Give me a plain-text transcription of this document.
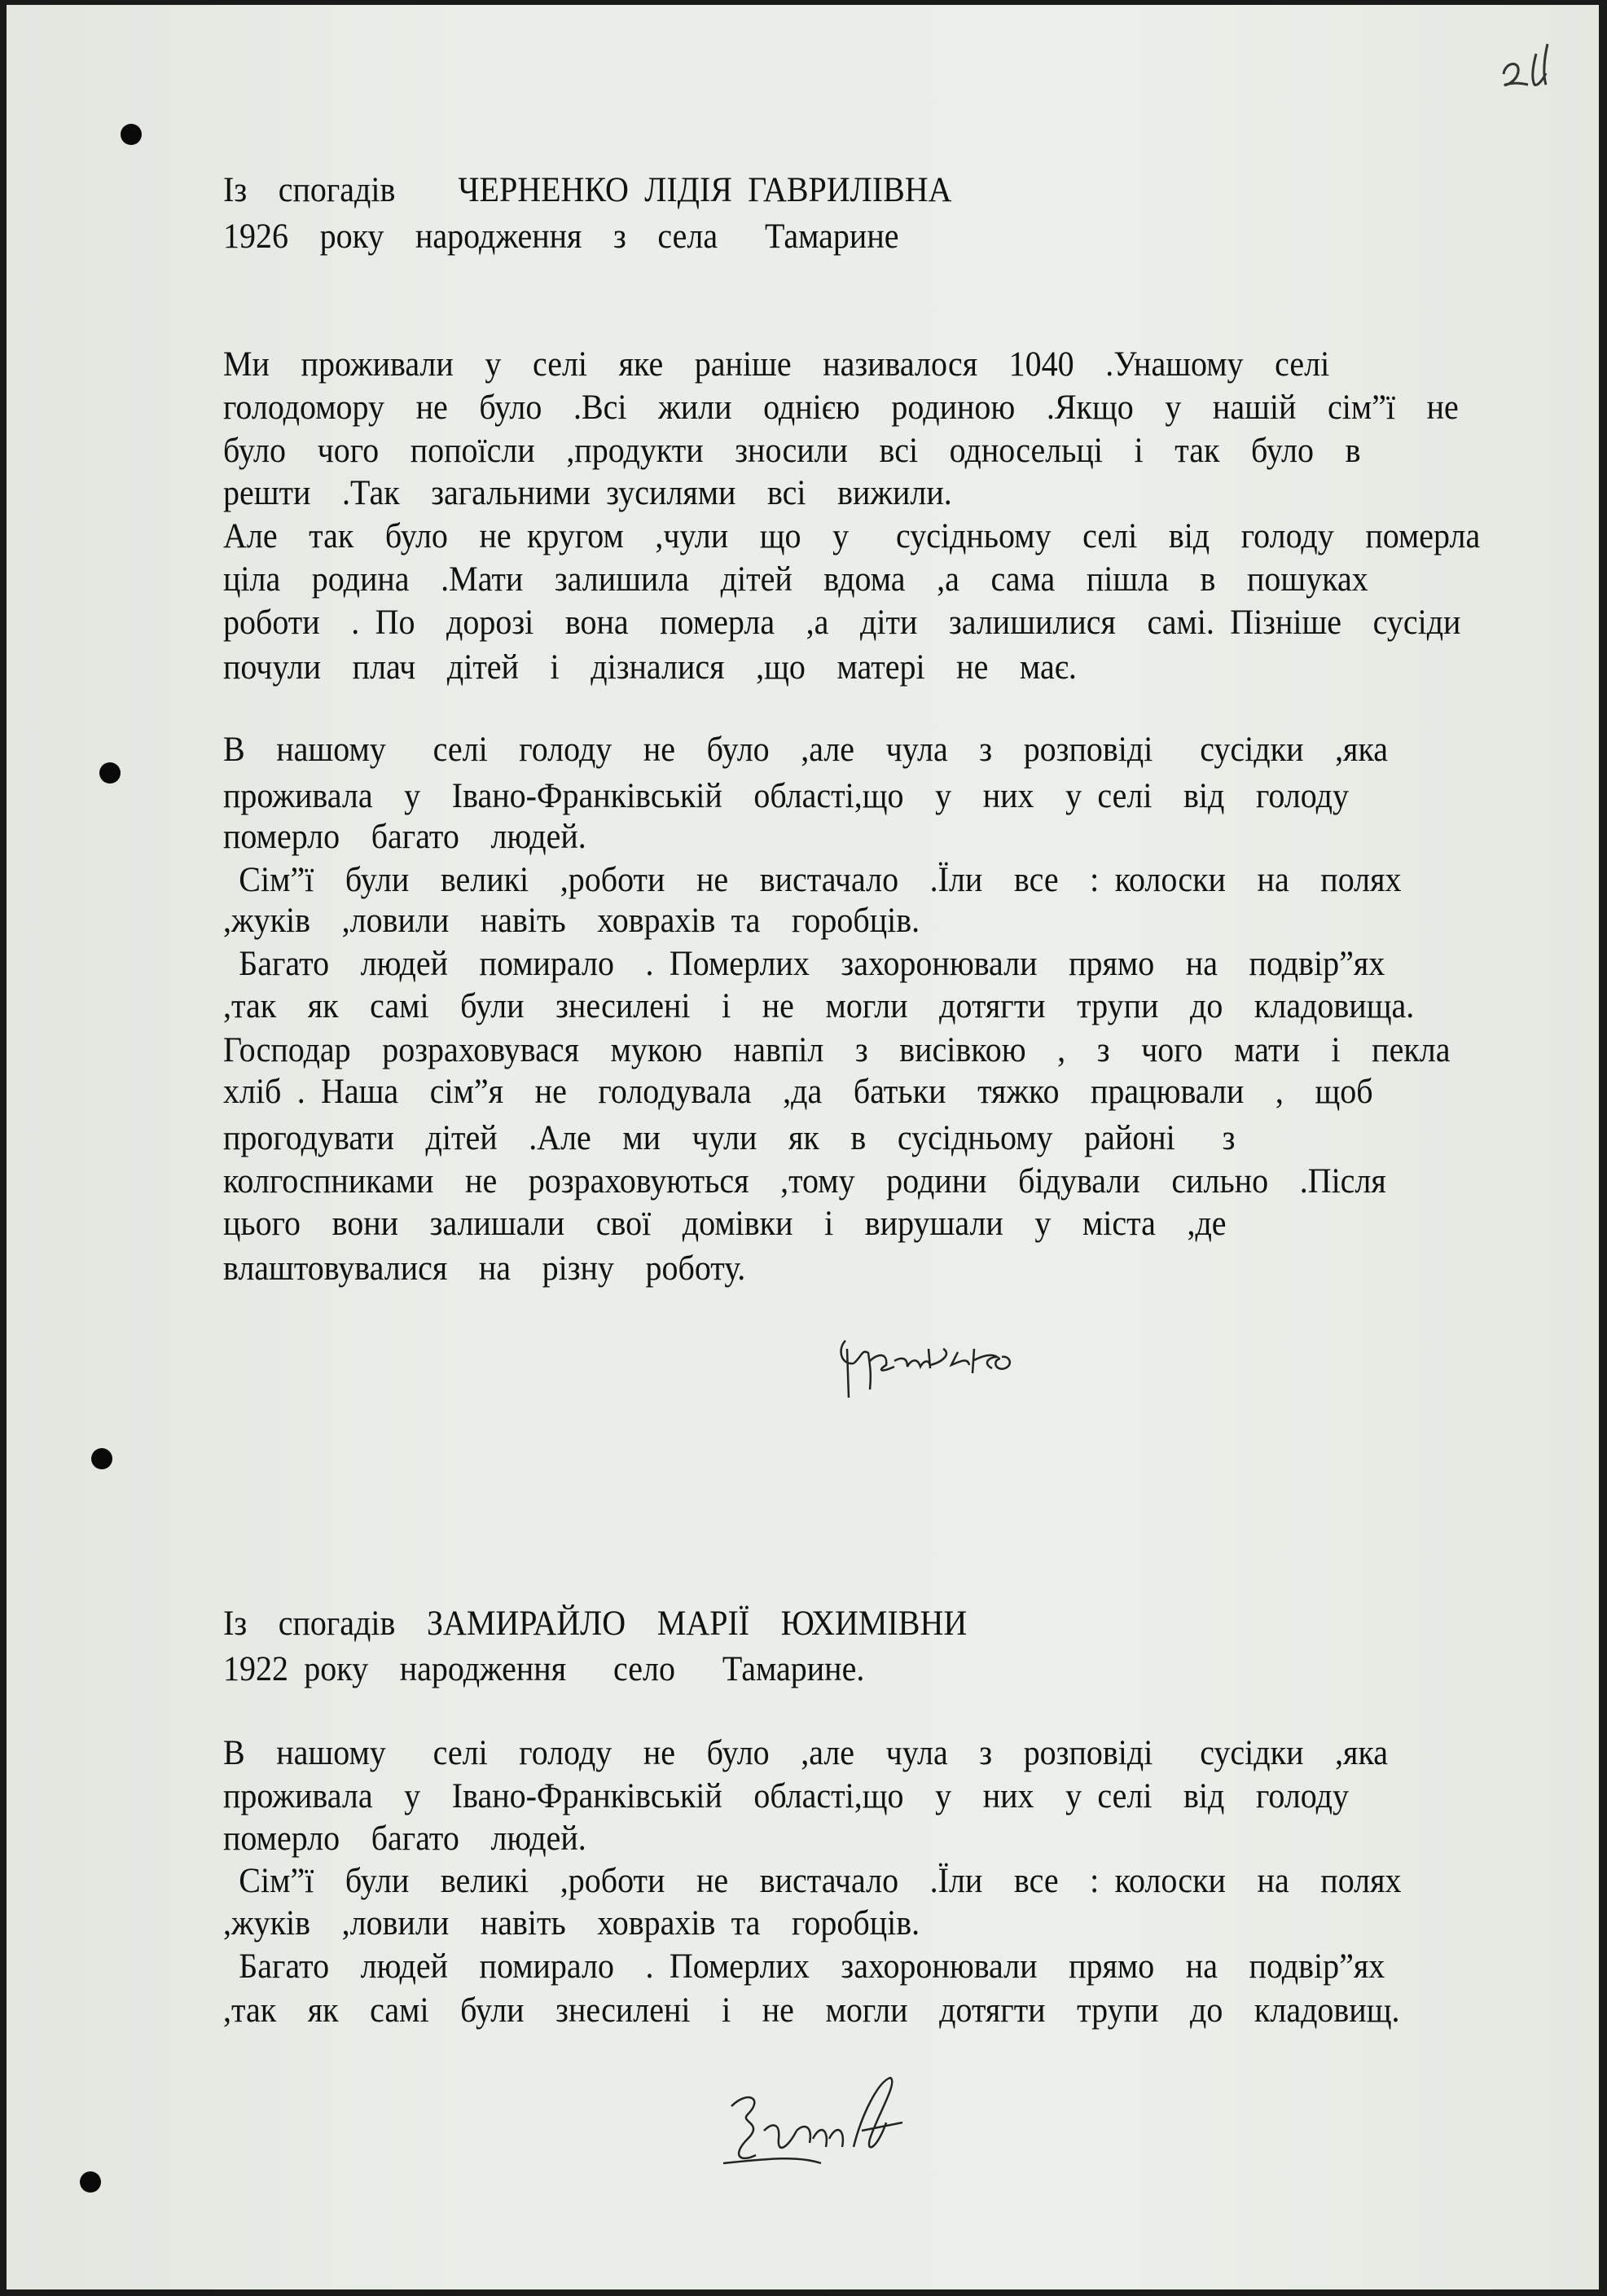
Із  спогадів    ЧЕРНЕНКО ЛІДІЯ ГАВРИЛІВНА
1926  року  народження  з  села   Тамарине
Ми  проживали  у  селі  яке  раніше  називалося  1040  .Унашому  селі
голодомору  не  було  .Всі  жили  однією  родиною  .Якщо  у  нашій  сім”ї  не
було  чого  попоїсли  ,продукти  зносили  всі  односельці  і  так  було  в
решти  .Так  загальними зусилями  всі  вижили.
Але  так  було  не кругом  ,чули  що  у   сусідньому  селі  від  голоду  померла
ціла  родина  .Мати  залишила  дітей  вдома  ,а  сама  пішла  в  пошуках
роботи  . По  дорозі  вона  померла  ,а  діти  залишилися  самі. Пізніше  сусіди
почули  плач  дітей  і  дізналися  ,що  матері  не  має.
В  нашому   селі  голоду  не  було  ,але  чула  з  розповіді   сусідки  ,яка
проживала  у  Івано-Франківській  області,що  у  них  у селі  від  голоду
померло  багато  людей.
Сім”ї  були  великі  ,роботи  не  вистачало  .Їли  все  : колоски  на  полях
,жуків  ,ловили  навіть  ховрахів та  горобців.
Багато  людей  помирало  . Померлих  захоронювали  прямо  на  подвір”ях
,так  як  самі  були  знесилені  і  не  могли  дотягти  трупи  до  кладовища.
Господар  розраховувася  мукою  навпіл  з  висівкою  ,  з  чого  мати  і  пекла
хліб . Наша  сім”я  не  голодувала  ,да  батьки  тяжко  працювали  ,  щоб
прогодувати  дітей  .Але  ми  чули  як  в  сусідньому  районі   з
колгоспниками  не  розраховуються  ,тому  родини  бідували  сильно  .Після
цього  вони  залишали  свої  домівки  і  вирушали  у  міста  ,де
влаштовувалися  на  різну  роботу.
Із  спогадів  ЗАМИРАЙЛО  МАРІЇ  ЮХИМІВНИ
1922 року  народження   село   Тамарине.
В  нашому   селі  голоду  не  було  ,але  чула  з  розповіді   сусідки  ,яка
проживала  у  Івано-Франківській  області,що  у  них  у селі  від  голоду
померло  багато  людей.
Сім”ї  були  великі  ,роботи  не  вистачало  .Їли  все  : колоски  на  полях
,жуків  ,ловили  навіть  ховрахів та  горобців.
Багато  людей  помирало  . Померлих  захоронювали  прямо  на  подвір”ях
,так  як  самі  були  знесилені  і  не  могли  дотягти  трупи  до  кладовищ.
